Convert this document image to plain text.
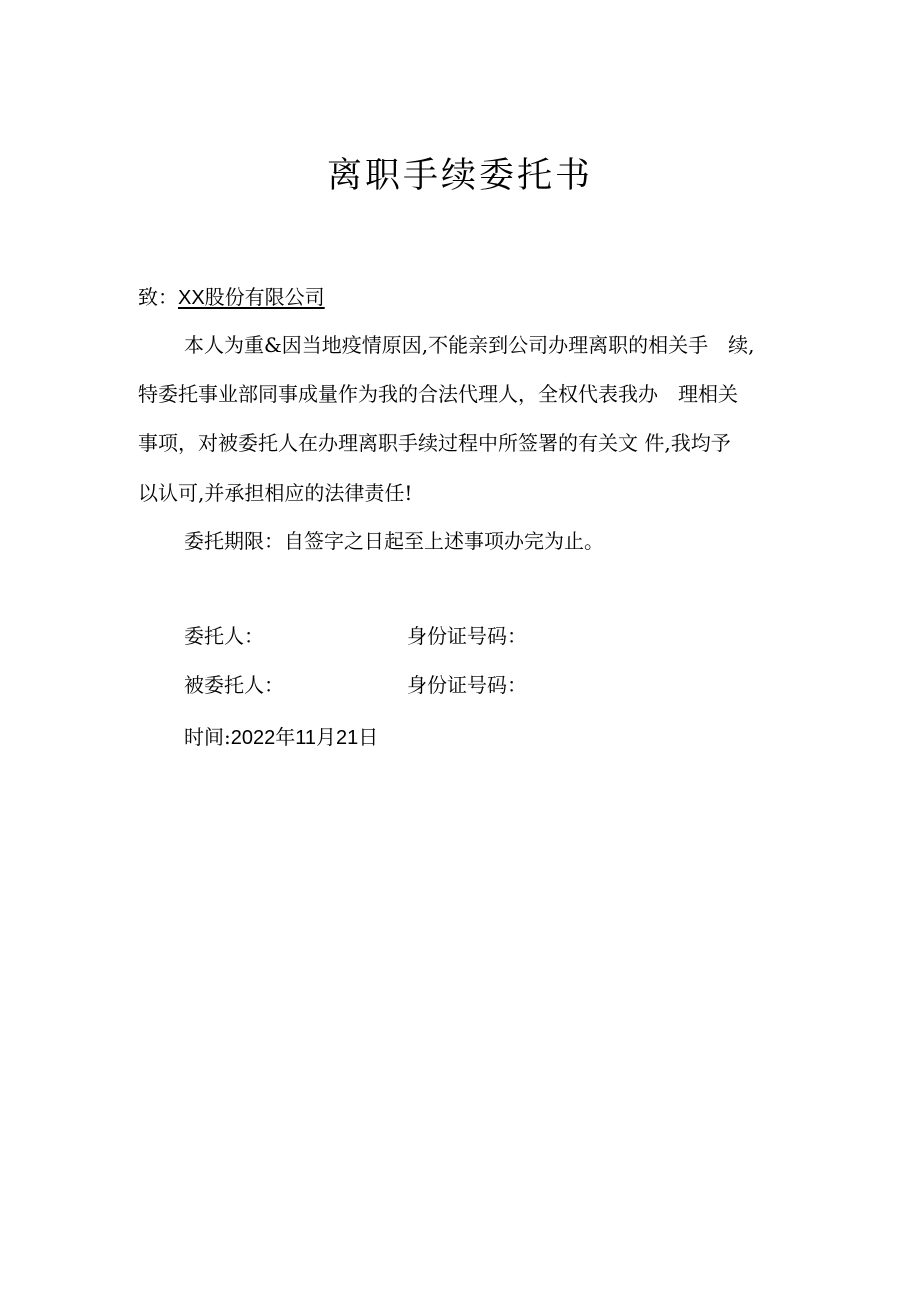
离职手续委托书
致：XX股份有限公司
本人为重&因当地疫情原因,不能亲到公司办理离职的相关手　续,
特委托事业部同事成量作为我的合法代理人，全权代表我办　理相关
事项，对被委托人在办理离职手续过程中所签署的有关文 件,我均予
以认可,并承担相应的法律责任!
委托期限：自签字之日起至上述事项办完为止。
委托人：	身份证号码：
被委托人：	身份证号码：
时间:2022年11月21日
